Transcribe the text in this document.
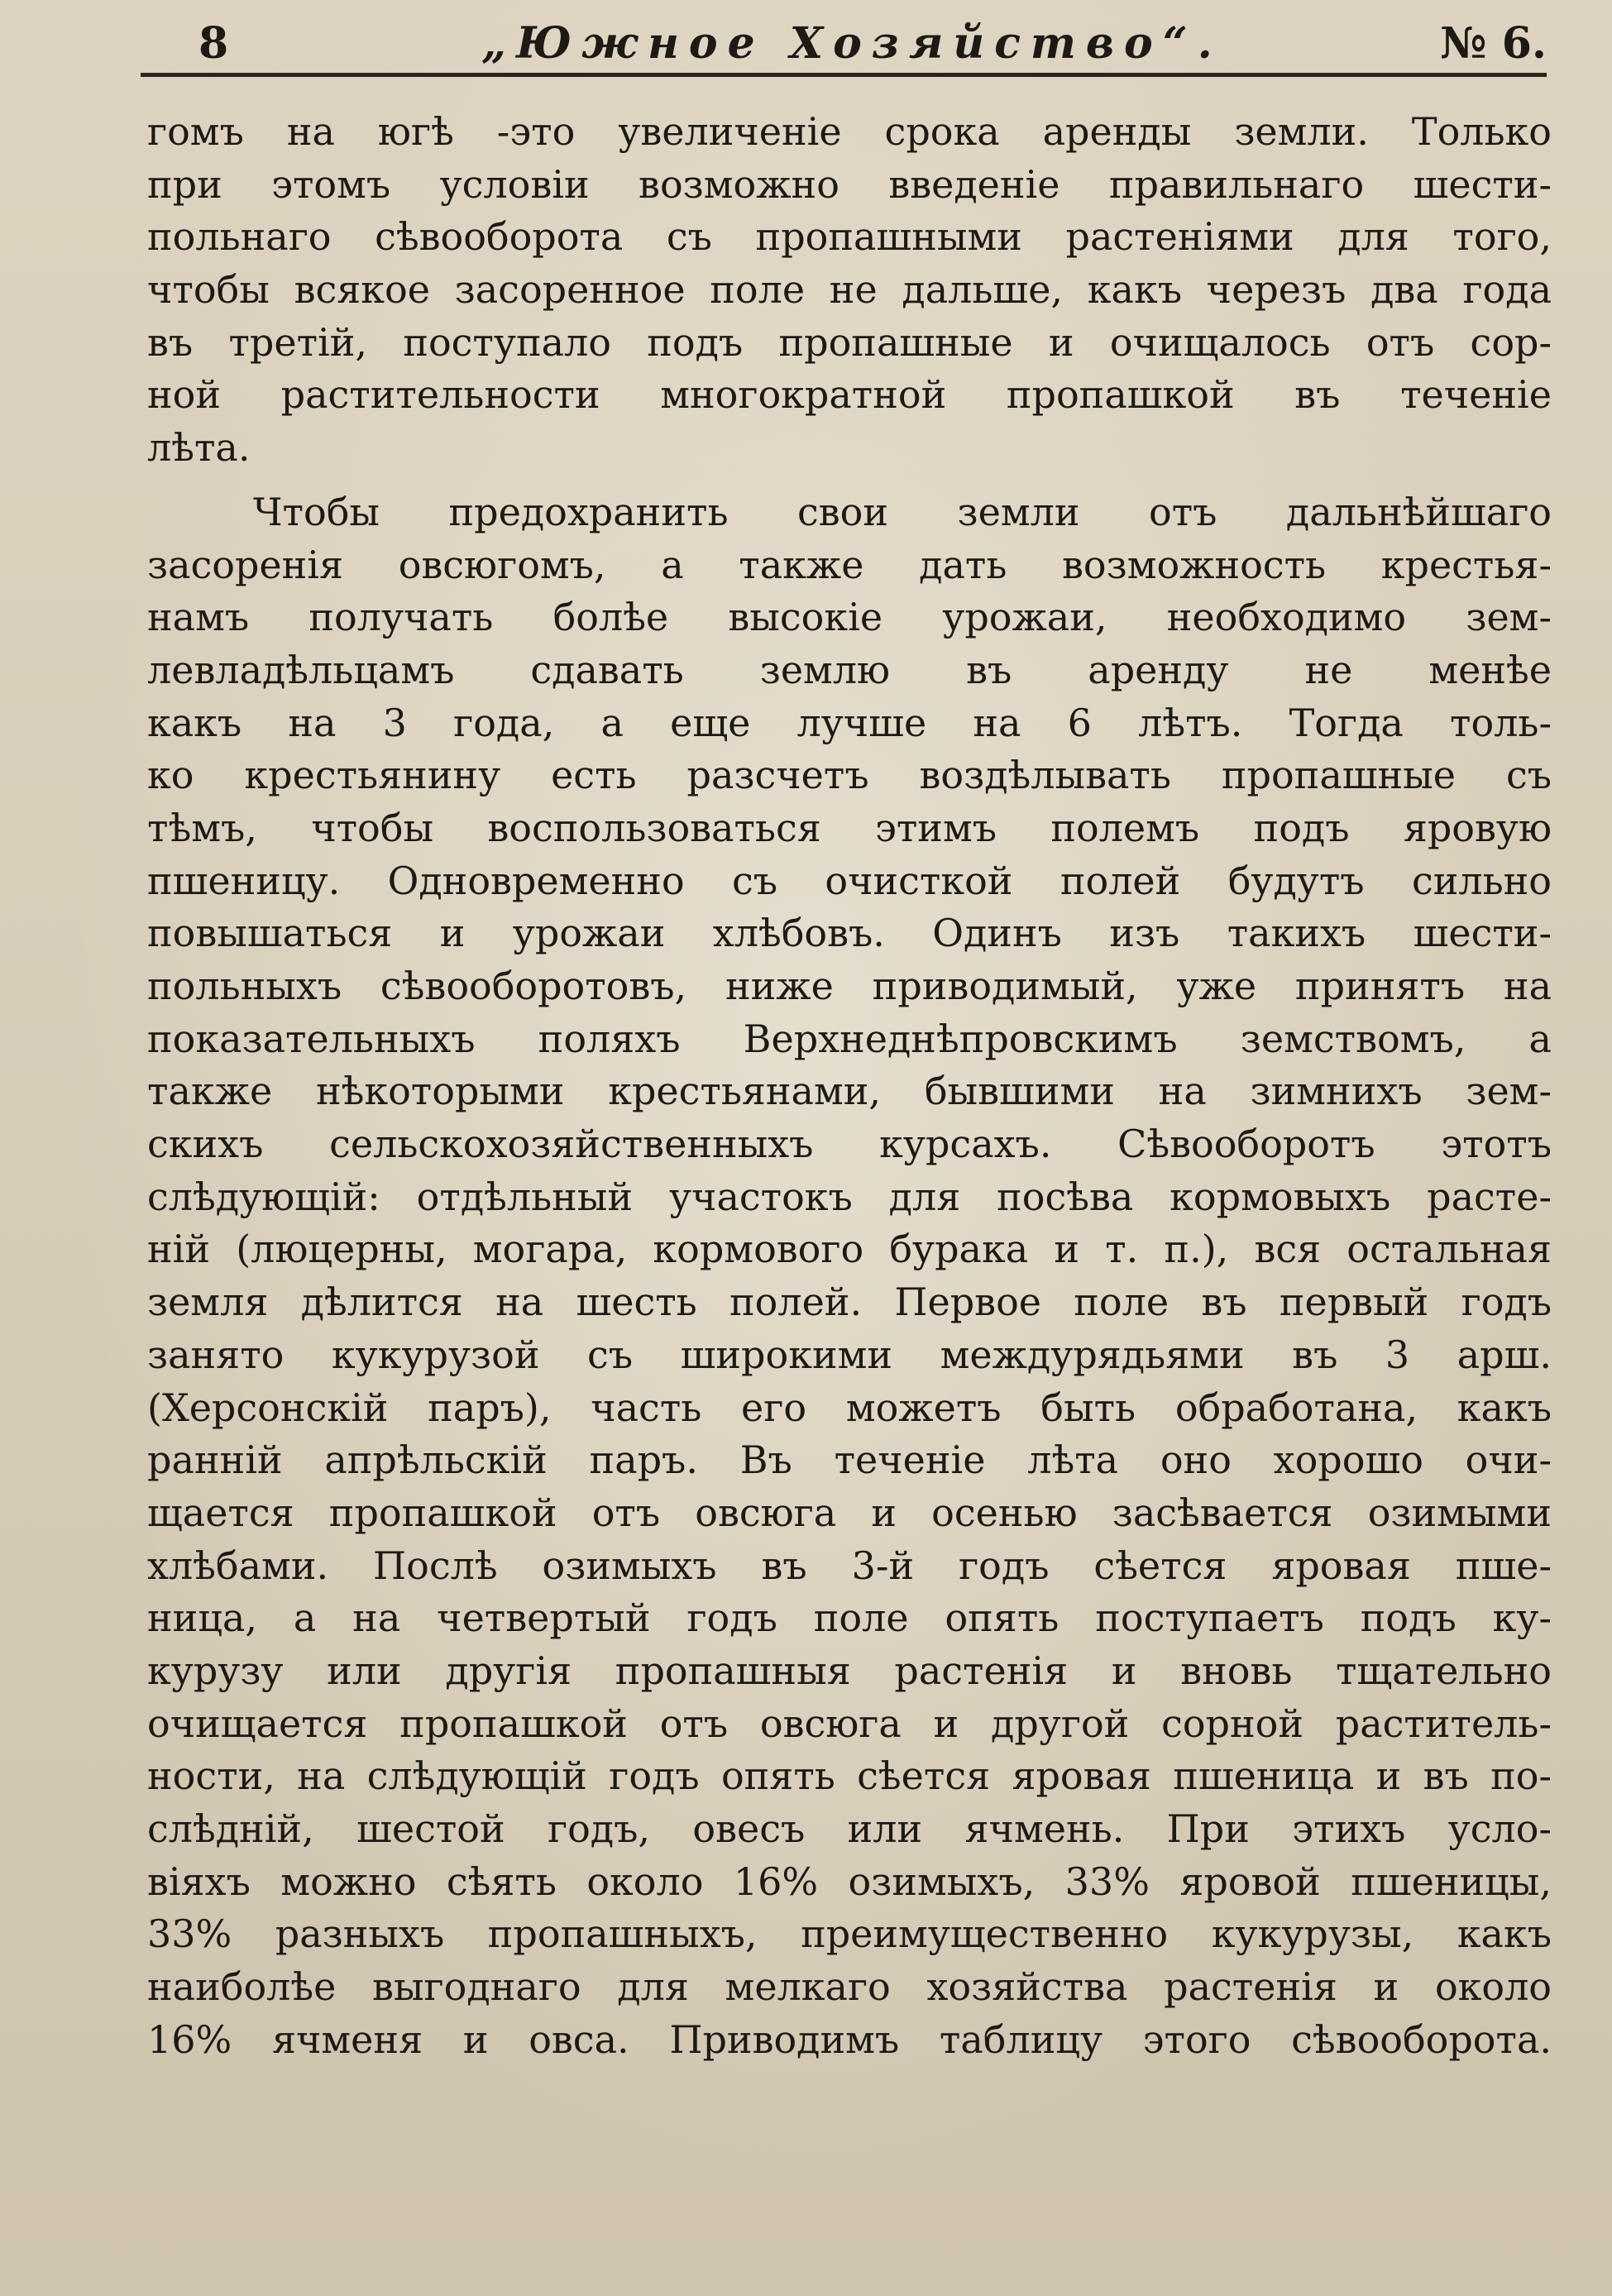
8	„Южное Хозяйство“.	№ 6.
гомъ на югѣ -это увеличеніе срока аренды земли. Только
при этомъ условіи возможно введеніе правильнаго шести-
польнаго сѣвооборота съ пропашными растеніями для того,
чтобы всякое засоренное поле не дальше, какъ черезъ два года
въ третій, поступало подъ пропашные и очищалось отъ сор-
ной растительности многократной пропашкой въ теченіе
лѣта.
Чтобы предохранить свои земли отъ дальнѣйшаго
засоренія овсюгомъ, а также дать возможность крестья-
намъ получать болѣе высокіе урожаи, необходимо зем-
левладѣльцамъ сдавать землю въ аренду не менѣе
какъ на 3 года, а еще лучше на 6 лѣтъ. Тогда толь-
ко крестьянину есть разсчетъ воздѣлывать пропашные съ
тѣмъ, чтобы воспользоваться этимъ полемъ подъ яровую
пшеницу. Одновременно съ очисткой полей будутъ сильно
повышаться и урожаи хлѣбовъ. Одинъ изъ такихъ шести-
польныхъ сѣвооборотовъ, ниже приводимый, уже принятъ на
показательныхъ поляхъ Верхнеднѣпровскимъ земствомъ, а
также нѣкоторыми крестьянами, бывшими на зимнихъ зем-
скихъ сельскохозяйственныхъ курсахъ. Сѣвооборотъ этотъ
слѣдующій: отдѣльный участокъ для посѣва кормовыхъ расте-
ній (люцерны, могара, кормового бурака и т. п.), вся остальная
земля дѣлится на шесть полей. Первое поле въ первый годъ
занято кукурузой съ широкими междурядьями въ 3 арш.
(Херсонскій паръ), часть его можетъ быть обработана, какъ
ранній апрѣльскій паръ. Въ теченіе лѣта оно хорошо очи-
щается пропашкой отъ овсюга и осенью засѣвается озимыми
хлѣбами. Послѣ озимыхъ въ 3-й годъ сѣется яровая пше-
ница, а на четвертый годъ поле опять поступаетъ подъ ку-
курузу или другія пропашныя растенія и вновь тщательно
очищается пропашкой отъ овсюга и другой сорной раститель-
ности, на слѣдующій годъ опять сѣется яровая пшеница и въ по-
слѣдній, шестой годъ, овесъ или ячмень. При этихъ усло-
віяхъ можно сѣять около 16% озимыхъ, 33% яровой пшеницы,
33% разныхъ пропашныхъ, преимущественно кукурузы, какъ
наиболѣе выгоднаго для мелкаго хозяйства растенія и около
16% ячменя и овса. Приводимъ таблицу этого сѣвооборота.
